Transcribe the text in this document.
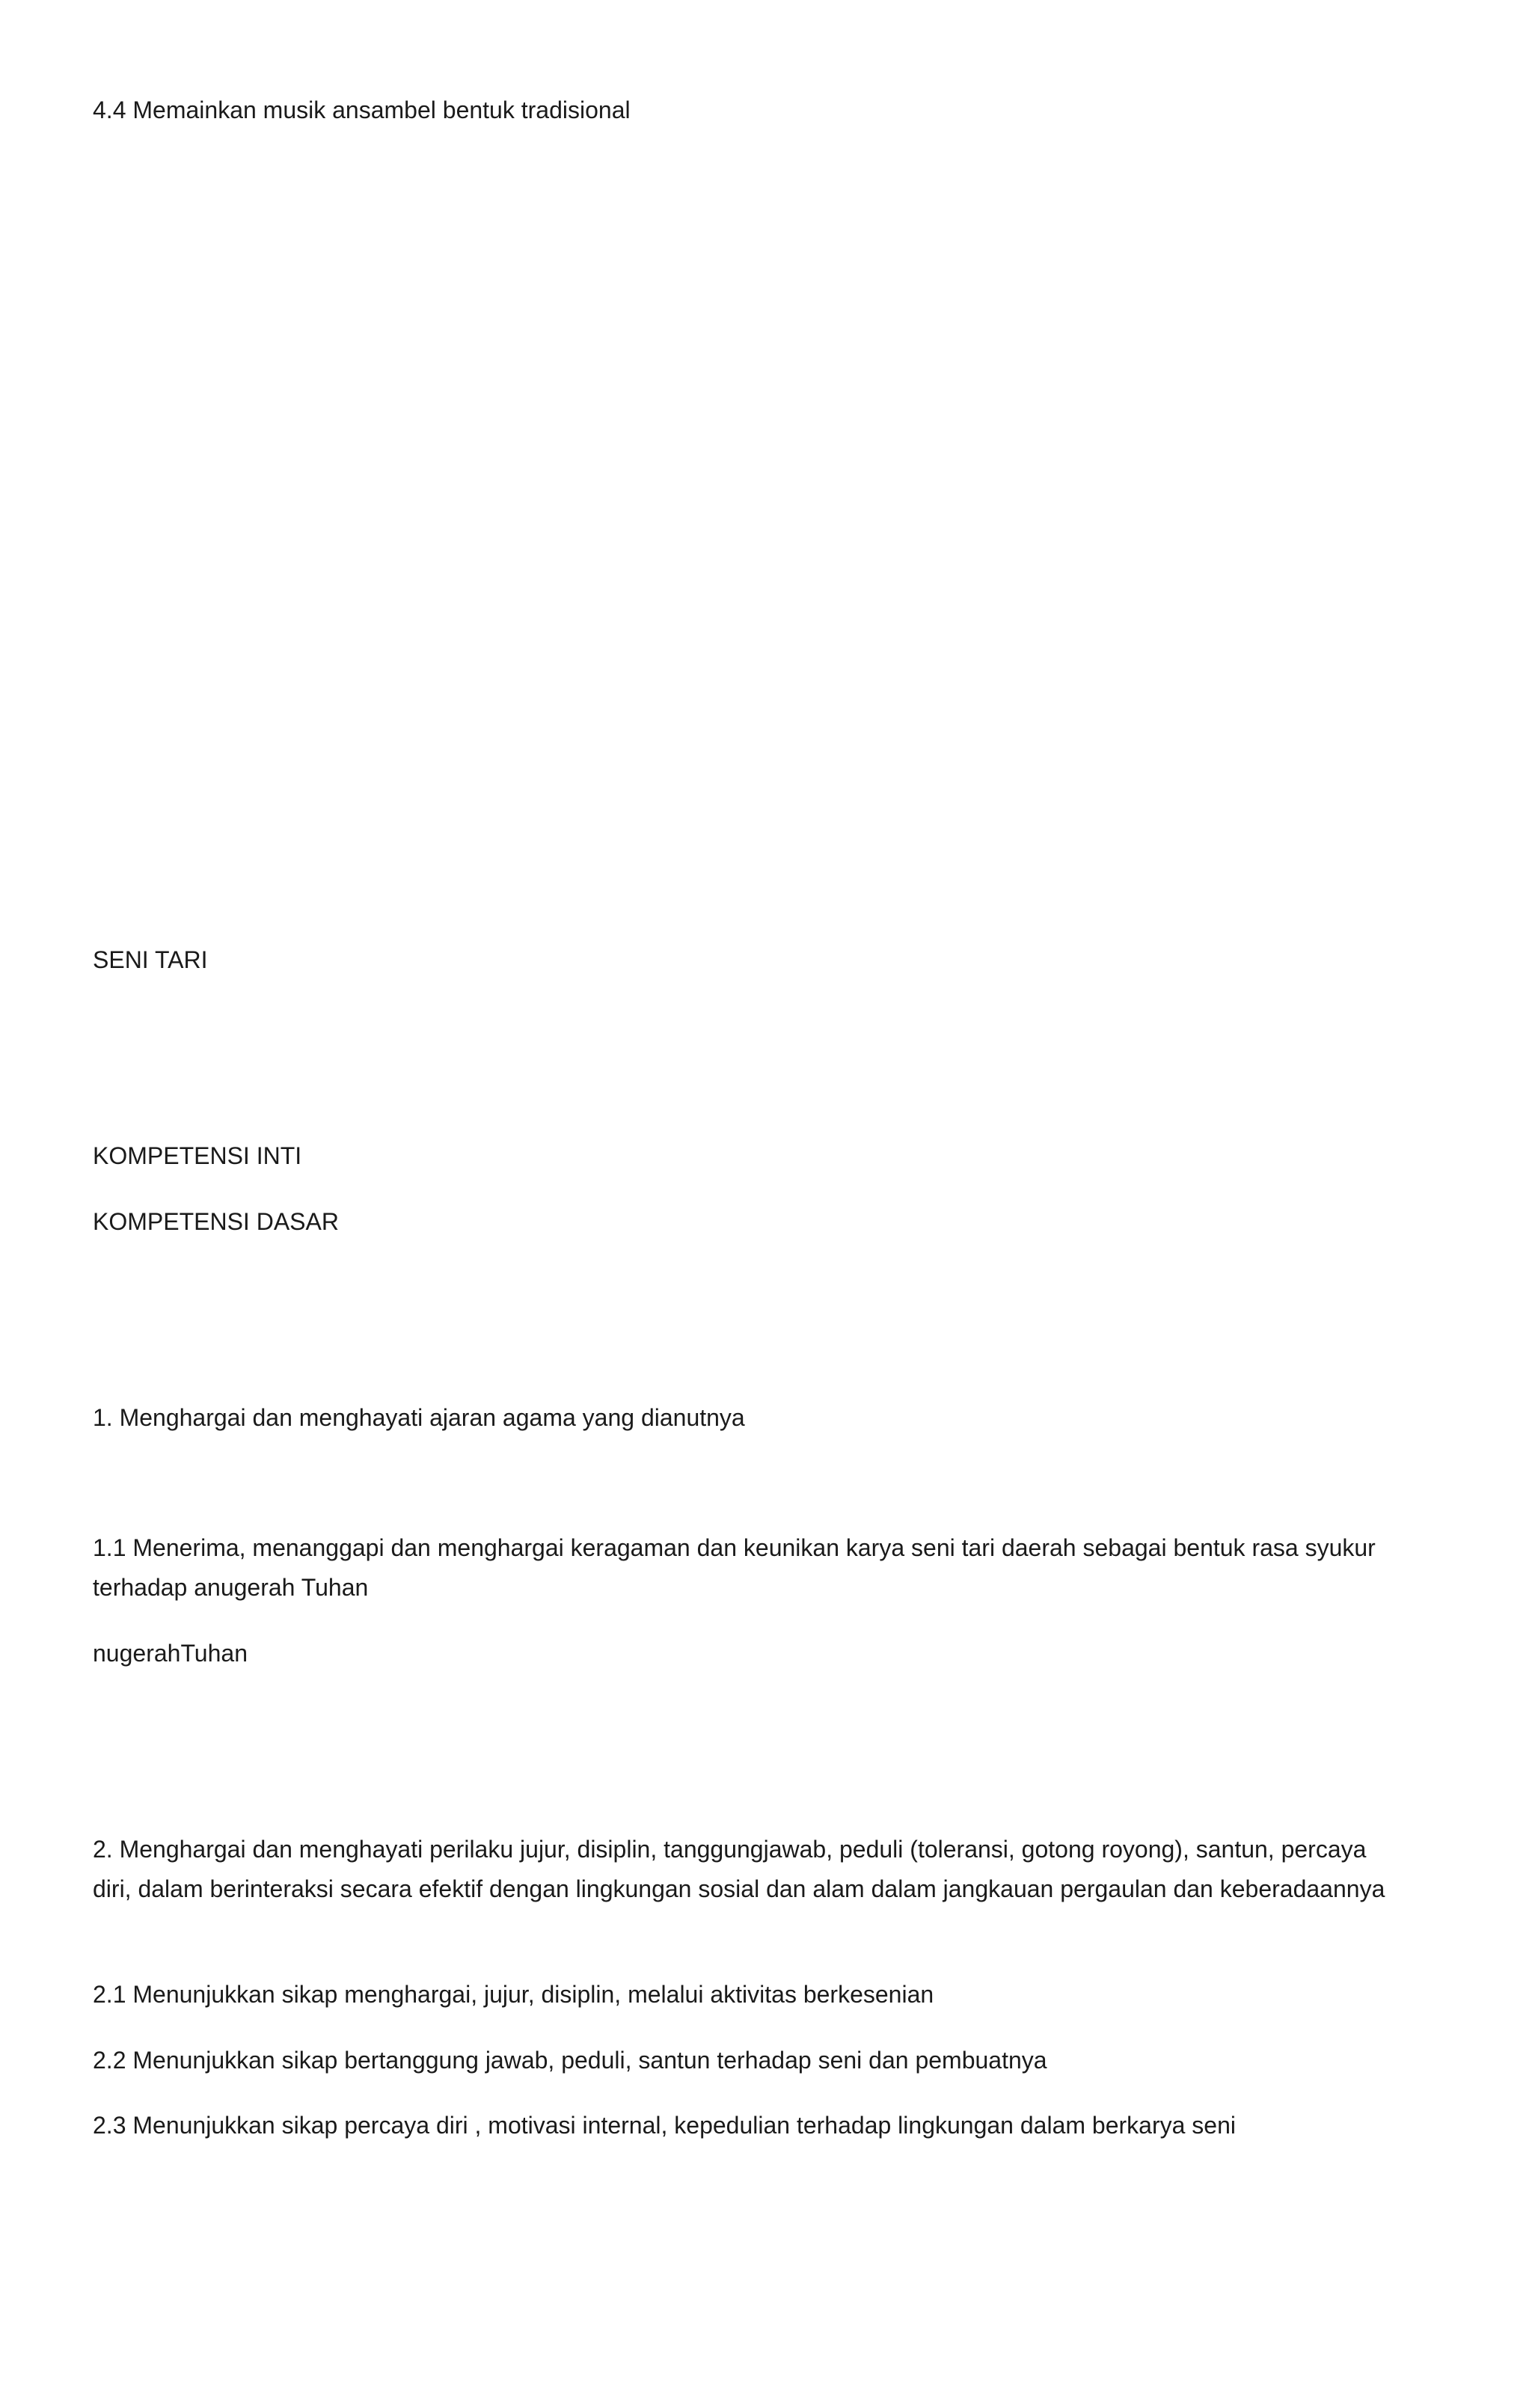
4.4 Memainkan musik ansambel bentuk tradisional

SENI TARI

KOMPETENSI INTI

KOMPETENSI DASAR

1. Menghargai dan menghayati ajaran agama yang dianutnya

1.1 Menerima, menanggapi dan menghargai keragaman dan keunikan karya seni tari daerah sebagai bentuk rasa syukur terhadap anugerah Tuhan

nugerahTuhan

2. Menghargai dan menghayati perilaku jujur, disiplin, tanggungjawab, peduli (toleransi, gotong royong), santun, percaya diri, dalam berinteraksi secara efektif dengan lingkungan sosial dan alam dalam jangkauan pergaulan dan keberadaannya

2.1 Menunjukkan sikap menghargai, jujur, disiplin, melalui aktivitas berkesenian

2.2 Menunjukkan sikap bertanggung jawab, peduli, santun terhadap seni dan pembuatnya

2.3 Menunjukkan sikap percaya diri , motivasi internal, kepedulian terhadap lingkungan dalam berkarya seni
